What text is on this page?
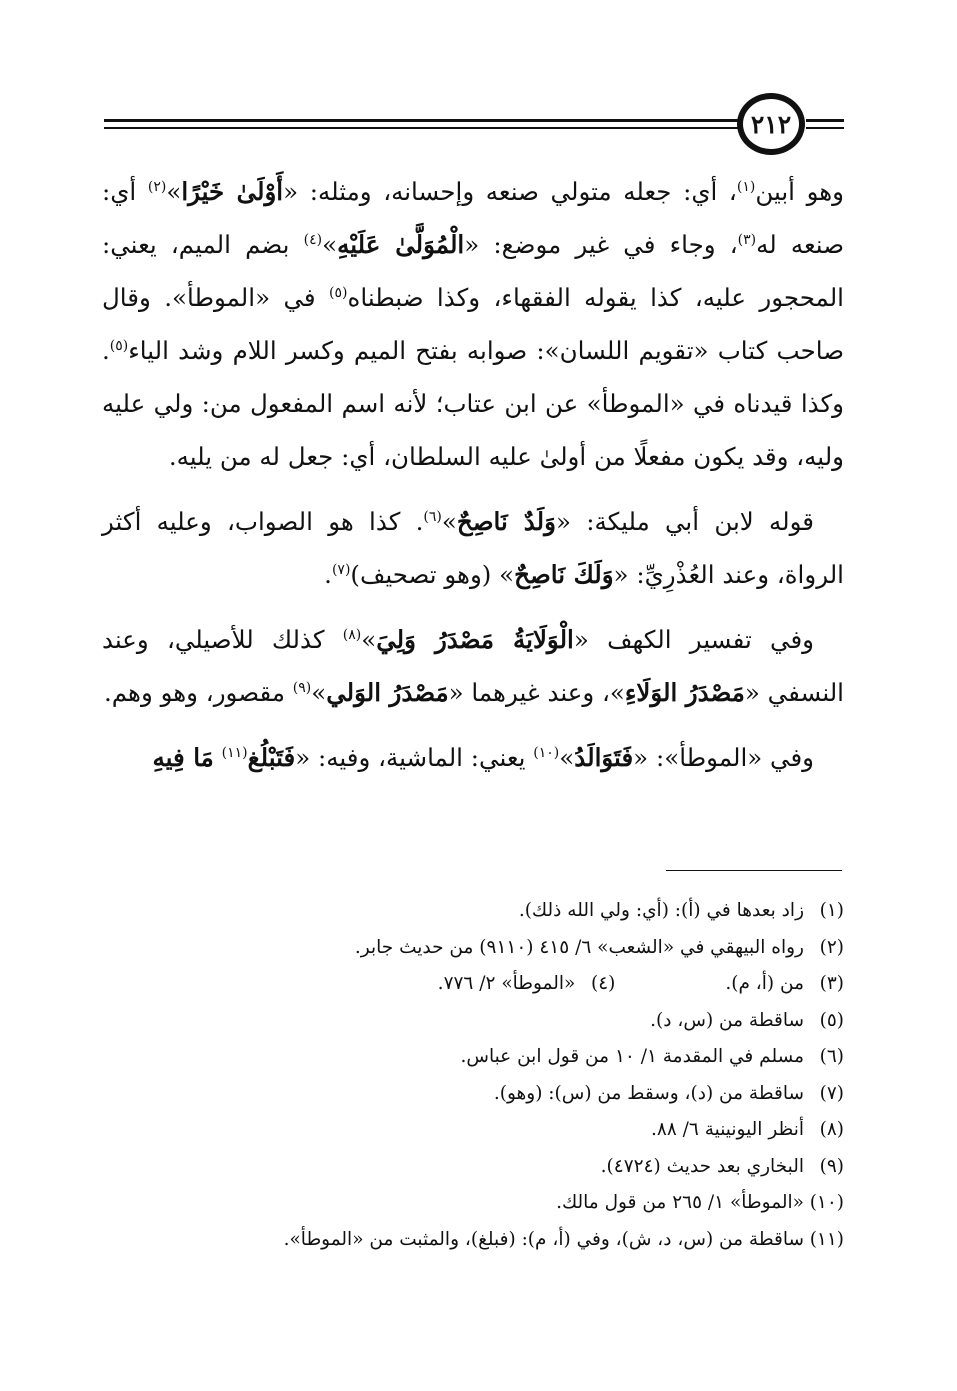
٢١٢

وهو أبين$^{(١)}$، أي: جعله متولي صنعه وإحسانه، ومثله: «أَوْلَىٰ خَيْرًا»$^{(٢)}$ أي: صنعه له$^{(٣)}$، وجاء في غير موضع: «الْمُوَلَّىٰ عَلَيْهِ»$^{(٤)}$ بضم الميم، يعني: المحجور عليه، كذا يقوله الفقهاء، وكذا ضبطناه$^{(٥)}$ في «الموطأ». وقال صاحب كتاب «تقويم اللسان»: صوابه بفتح الميم وكسر اللام وشد الياء$^{(٥)}$. وكذا قيدناه في «الموطأ» عن ابن عتاب؛ لأنه اسم المفعول من: ولي عليه وليه، وقد يكون مفعلًا من أولىٰ عليه السلطان، أي: جعل له من يليه.

قوله لابن أبي مليكة: «وَلَدٌ نَاصِحٌ»$^{(٦)}$. كذا هو الصواب، وعليه أكثر الرواة، وعند العُذْرِيِّ: «وَلَكَ نَاصِحٌ» (وهو تصحيف)$^{(٧)}$.

وفي تفسير الكهف «الْوَلَايَةُ مَصْدَرُ وَلِيَ»$^{(٨)}$ كذلك للأصيلي، وعند النسفي «مَصْدَرُ الوَلَاءِ»، وعند غيرهما «مَصْدَرُ الوَلي»$^{(٩)}$ مقصور، وهو وهم.

وفي «الموطأ»: «فَتَوَالَدُ»$^{(١٠)}$ يعني: الماشية، وفيه: «فَتَبْلُغ$^{(١١)}$ مَا فِيهِ

(١)
زاد بعدها في (أ): (أي: ولي الله ذلك).
(٢)
رواه البيهقي في «الشعب» ٦/ ٤١٥ (٩١١٠) من حديث جابر.
(٣)
من (أ، م).
(٤)
«الموطأ» ٢/ ٧٧٦.
(٥)
ساقطة من (س، د).
(٦)
مسلم في المقدمة ١/ ١٠ من قول ابن عباس.
(٧)
ساقطة من (د)، وسقط من (س): (وهو).
(٨)
أنظر اليونينية ٦/ ٨٨.
(٩)
البخاري بعد حديث (٤٧٢٤).
(١٠)
«الموطأ» ١/ ٢٦٥ من قول مالك.
(١١)
ساقطة من (س، د، ش)، وفي (أ، م): (فبلغ)، والمثبت من «الموطأ».
